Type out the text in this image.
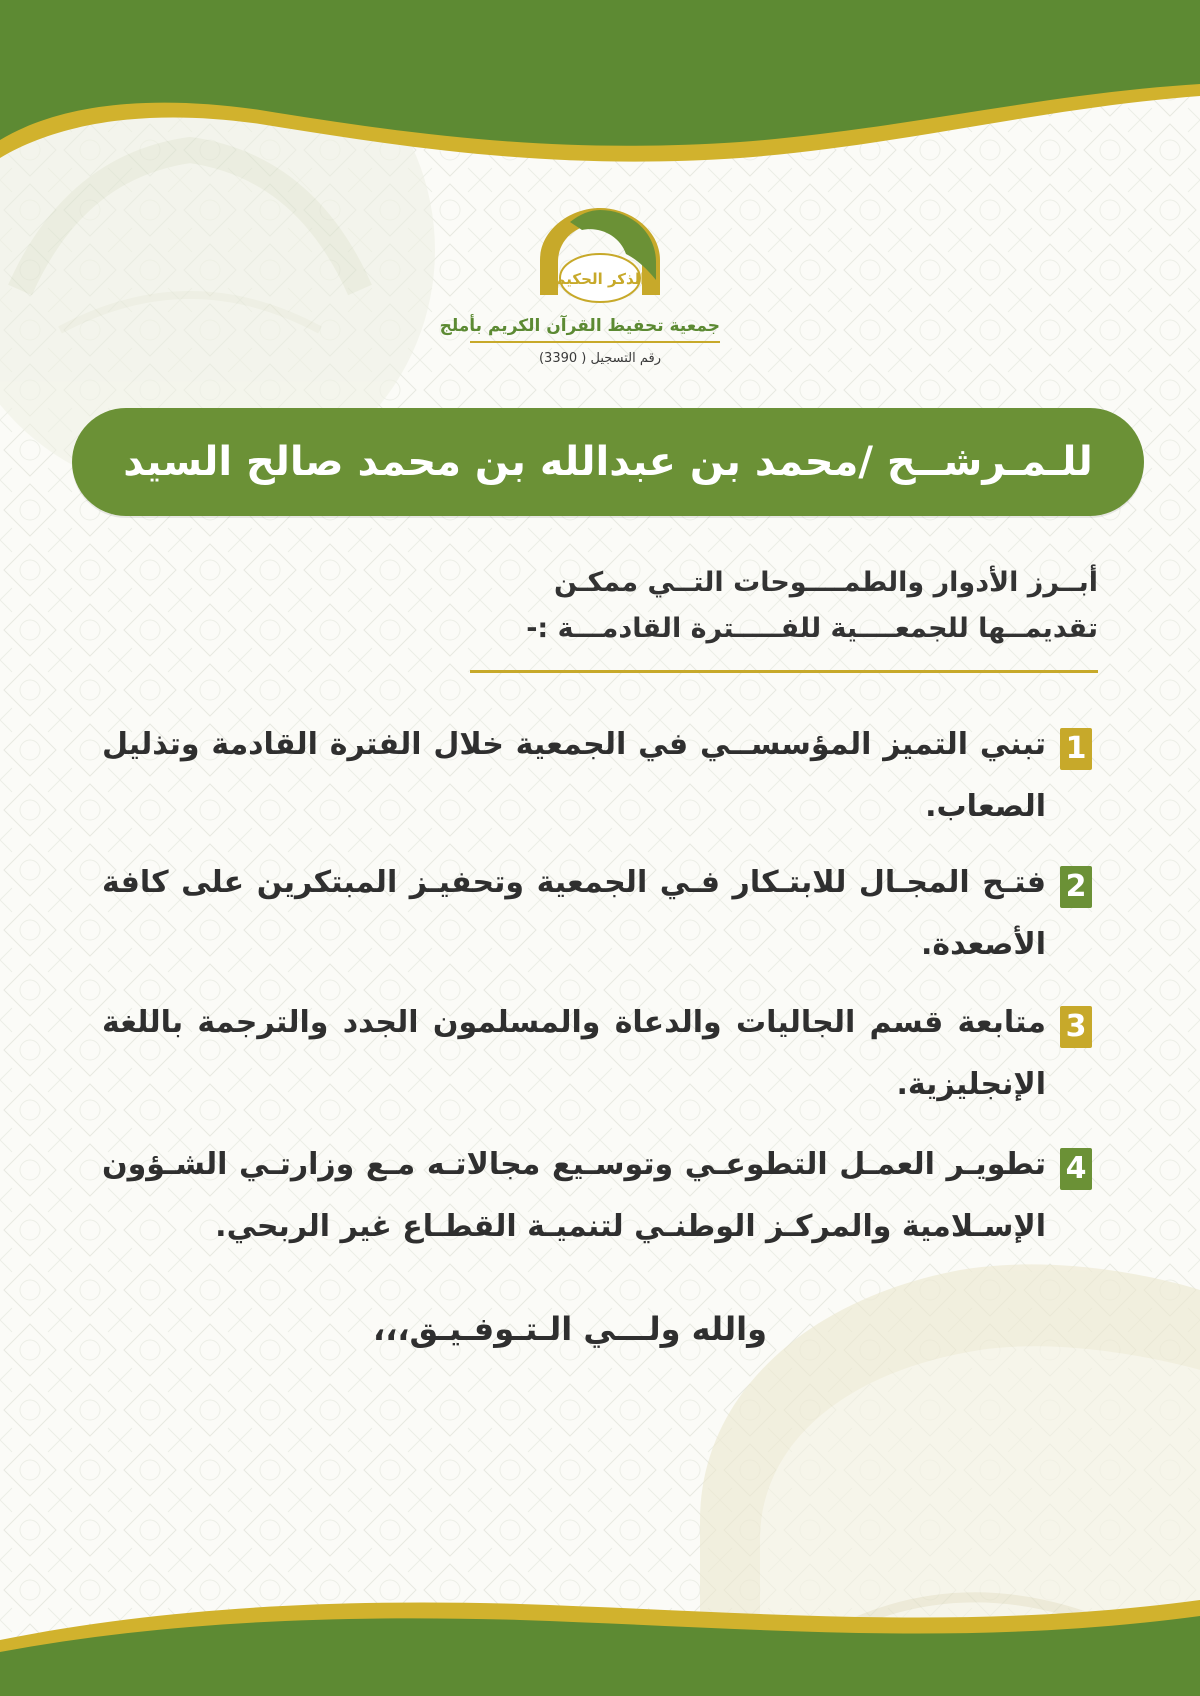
الذكر الحكيم
جمعية تحفيظ القرآن الكريم بأملج
رقم التسجيل ( 3390)
للـمـرشــح /محمد بن عبدالله بن محمد صالح السيد
أبــرز الأدوار والطمــــوحات التــي ممكـن
تقديمــها للجمعــــية للفـــــترة القادمـــة :-
1
تبني التميز المؤسســي في الجمعية خلال الفترة القادمة وتذليل الصعاب.
2
فتـح المجـال للابتـكار فـي الجمعية وتحفيـز المبتكرين على كافة الأصعدة.
3
متابعة قسم الجاليات والدعاة والمسلمون الجدد والترجمة باللغة الإنجليزية.
4
تطويـر العمـل التطوعـي وتوسـيع مجالاتـه مـع وزارتـي الشـؤون الإسـلامية والمركـز الوطنـي لتنميـة القطـاع غير الربحي.
والله ولـــي الـتـوفـيـق،،،
